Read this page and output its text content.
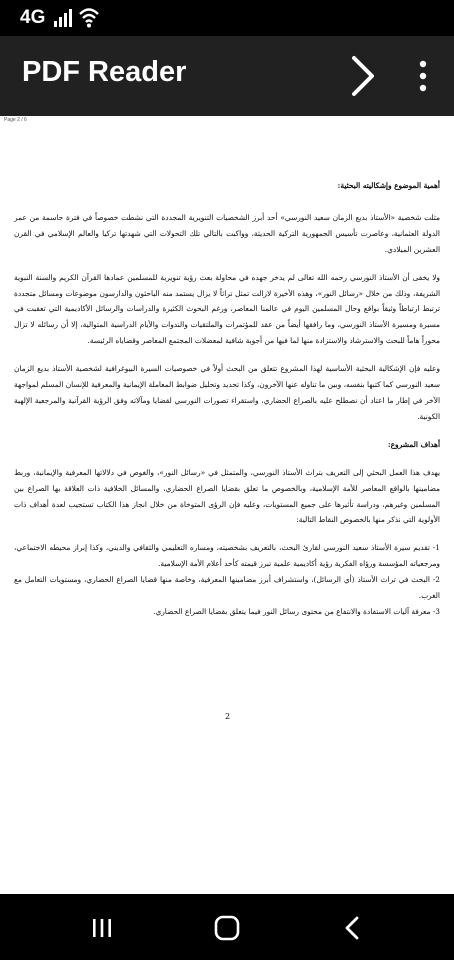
4G
PDF Reader
Page 2 / 6

أهمية الموضوع وإشكاليته البحثية:

مثلت شخصية «الأستاذ بديع الزمان سعيد النورسي» أحد أبرز الشخصيات التنويرية المجددة التي نشطت خصوصاً في فترة حاسمة من عمر الدولة العثمانية، وعاصرت تأسيس الجمهورية التركية الحديثة، وواكبت بالتالي تلك التحولات التي شهدتها تركيا والعالم الإسلامي في القرن العشرين الميلادي.

ولا يخفى أن الأستاذ النورسي رحمه الله تعالى لم يدخر جهده في محاولة بعث رؤية تنويرية للمسلمين عمادها القرآن الكريم والسنة النبوية الشريفة، وذلك من خلال «رسائل النور»، وهذه الأخيرة لازالت تمثل تراثاً لا يزال يستمد منه الباحثون والدارسون موضوعات ومسائل متجددة ترتبط ارتباطاً وثيقاً بواقع وحال المسلمين اليوم في عالمنا المعاصر، ورغم البحوث الكثيرة والدراسات والرسائل الأكاديمية التي تعقبت في مسيرة ومسيرة الأستاذ النورسي، وما رافقها أيضاً من عقد للمؤتمرات والملتقيات والندوات والأيام الدراسية المتوالية، إلا أن رسائله لا تزال محوراً هاماً للبحث والاسترشاد والاستزادة منها لما فيها من أجوبة شافية لمعضلات المجتمع المعاصر وقضاياه الرئيسة.

وعليه فإن الإشكالية البحثية الأساسية لهذا المشروع تتعلق من البحث أولاً في خصوصيات السيرة البيوغرافية لشخصية الأستاذ بديع الزمان سعيد النورسي كما كتبها بنفسه، وبين ما تناوله عنها الآخرون، وكذا تحديد وتحليل ضوابط المعاملة الإيمانية والمعرفية للإنسان المسلم لمواجهة الآخر في إطار ما اعتاد أن نصطلح عليه بالصراع الحضاري، واستقراء تصورات النورسي لقضايا ومآلاته وفق الرؤية القرآنية والمرجعية الإلهية الكونية.

أهداف المشروع:

يهدف هذا العمل البحثي إلى التعريف بتراث الأستاذ النورسي، والمتمثل في «رسائل النور»، والغوص في دلالاتها المعرفية والإيمانية، وربط مضامينها بالواقع المعاصر للأمة الإسلامية، وبالخصوص ما تعلق بقضايا الصراع الحضاري، والمسائل الخلافية ذات العلاقة بها الصراع بين المسلمين وغيرهم، ودراسة تأثيرها على جميع المستويات، وعليه فإن الرؤى المتوخاة من خلال انجاز هذا الكتاب تستجيب لعدة أهداف ذات الأولوية التي نذكر منها بالخصوص النقاط التالية:

1- تقديم سيرة الأستاذ سعيد النورسي لقارئ البحث، بالتعريف بشخصيته، ومساره التعليمي والثقافي والديني، وكذا إبراز محيطه الاجتماعي، ومرجعياته المؤسسة ورؤاه الفكرية رؤية أكاديمية علمية تبرز قيمته كأحد أعلام الأمة الإسلامية.

2- البحث في تراث الأستاذ (أي الرسائل)، واستشراف أبرز مضامينها المعرفية، وخاصة منها قضايا الصراع الحضاري، ومستويات التعامل مع الغرب.

3- معرفة آليات الاستفادة والانتفاع من محتوى رسائل النور فيما يتعلق بقضايا الصراع الحضاري.

2
